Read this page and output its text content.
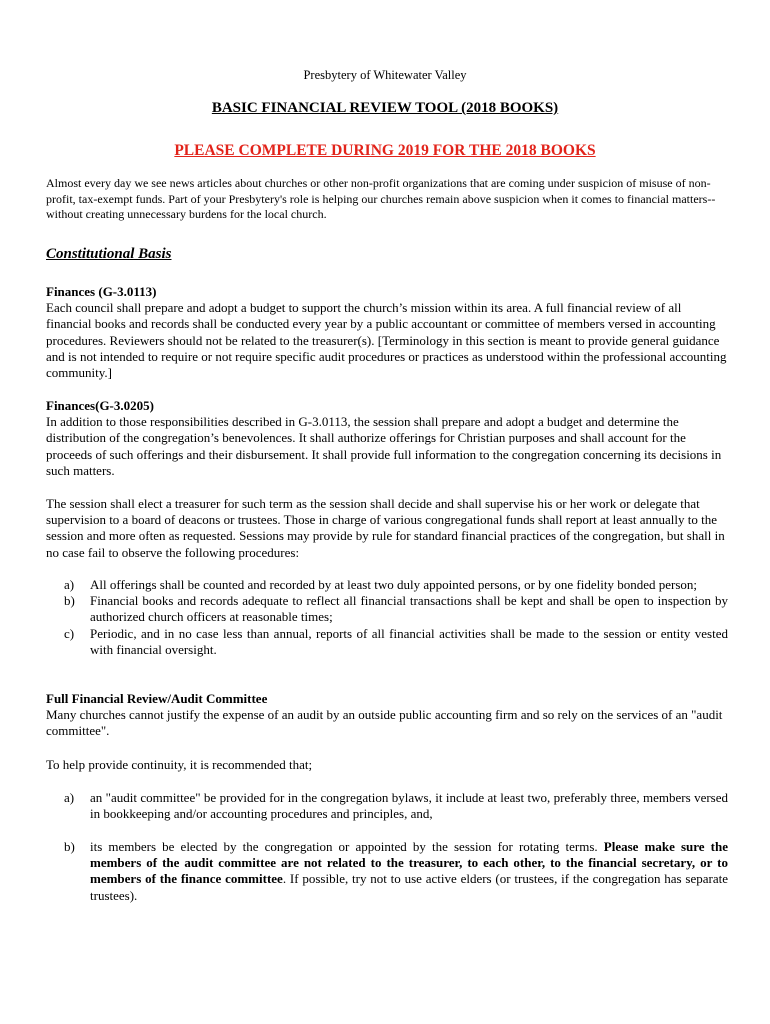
Presbytery of Whitewater Valley
BASIC FINANCIAL REVIEW TOOL (2018 BOOKS)
PLEASE COMPLETE DURING 2019 FOR THE 2018 BOOKS
Almost every day we see news articles about churches or other non-profit organizations that are coming under suspicion of misuse of non-profit, tax-exempt funds. Part of your Presbytery's role is helping our churches remain above suspicion when it comes to financial matters--without creating unnecessary burdens for the local church.
Constitutional Basis

Finances (G-3.0113)

Each council shall prepare and adopt a budget to support the church’s mission within its area. A full financial review of all financial books and records shall be conducted every year by a public accountant or committee of members versed in accounting procedures. Reviewers should not be related to the treasurer(s). [Terminology in this section is meant to provide general guidance and is not intended to require or not require specific audit procedures or practices as understood within the professional accounting community.]

Finances(G-3.0205)

In addition to those responsibilities described in G-3.0113, the session shall prepare and adopt a budget and determine the distribution of the congregation’s benevolences. It shall authorize offerings for Christian purposes and shall account for the proceeds of such offerings and their disbursement. It shall provide full information to the congregation concerning its decisions in such matters.

The session shall elect a treasurer for such term as the session shall decide and shall supervise his or her work or delegate that supervision to a board of deacons or trustees. Those in charge of various congregational funds shall report at least annually to the session and more often as requested. Sessions may provide by rule for standard financial practices of the congregation, but shall in no case fail to observe the following procedures:
a) All offerings shall be counted and recorded by at least two duly appointed persons, or by one fidelity bonded person;
b) Financial books and records adequate to reflect all financial transactions shall be kept and shall be open to inspection by authorized church officers at reasonable times;
c) Periodic, and in no case less than annual, reports of all financial activities shall be made to the session or entity vested with financial oversight.

Full Financial Review/Audit Committee

Many churches cannot justify the expense of an audit by an outside public accounting firm and so rely on the services of an "audit committee".

To help provide continuity, it is recommended that;
a) an "audit committee" be provided for in the congregation bylaws, it include at least two, preferably three, members versed in bookkeeping and/or accounting procedures and principles, and,
b) its members be elected by the congregation or appointed by the session for rotating terms. Please make sure the members of the audit committee are not related to the treasurer, to each other, to the financial secretary, or to members of the finance committee. If possible, try not to use active elders (or trustees, if the congregation has separate trustees).
